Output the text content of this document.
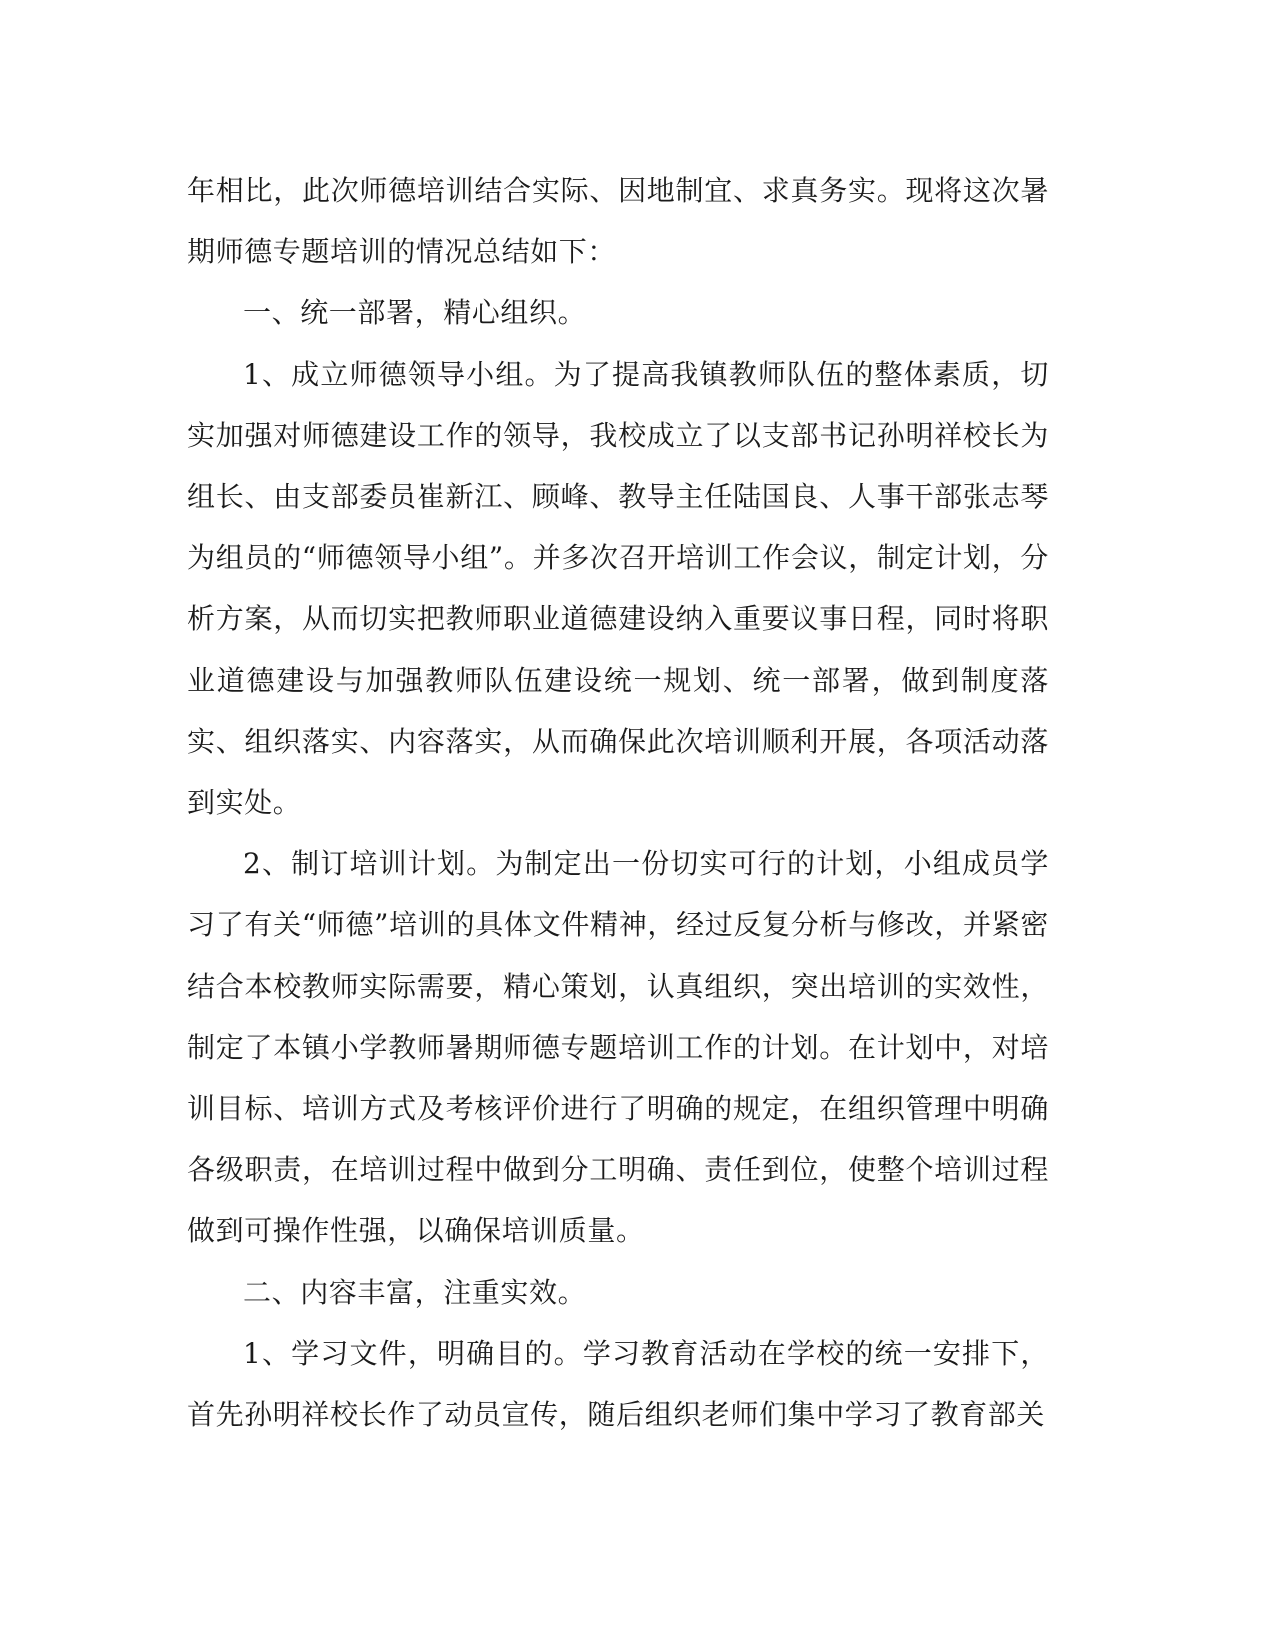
年相比，此次师德培训结合实际、因地制宜、求真务实。现将这次暑期师德专题培训的情况总结如下：

一、统一部署，精心组织。

1、成立师德领导小组。为了提高我镇教师队伍的整体素质，切实加强对师德建设工作的领导，我校成立了以支部书记孙明祥校长为组长、由支部委员崔新江、顾峰、教导主任陆国良、人事干部张志琴为组员的“师德领导小组”。并多次召开培训工作会议，制定计划，分析方案，从而切实把教师职业道德建设纳入重要议事日程，同时将职业道德建设与加强教师队伍建设统一规划、统一部署，做到制度落实、组织落实、内容落实，从而确保此次培训顺利开展，各项活动落到实处。

2、制订培训计划。为制定出一份切实可行的计划，小组成员学习了有关“师德”培训的具体文件精神，经过反复分析与修改，并紧密结合本校教师实际需要，精心策划，认真组织，突出培训的实效性，制定了本镇小学教师暑期师德专题培训工作的计划。在计划中，对培训目标、培训方式及考核评价进行了明确的规定，在组织管理中明确各级职责，在培训过程中做到分工明确、责任到位，使整个培训过程做到可操作性强，以确保培训质量。

二、内容丰富，注重实效。

1、学习文件，明确目的。学习教育活动在学校的统一安排下，首先孙明祥校长作了动员宣传，随后组织老师们集中学习了教育部关
